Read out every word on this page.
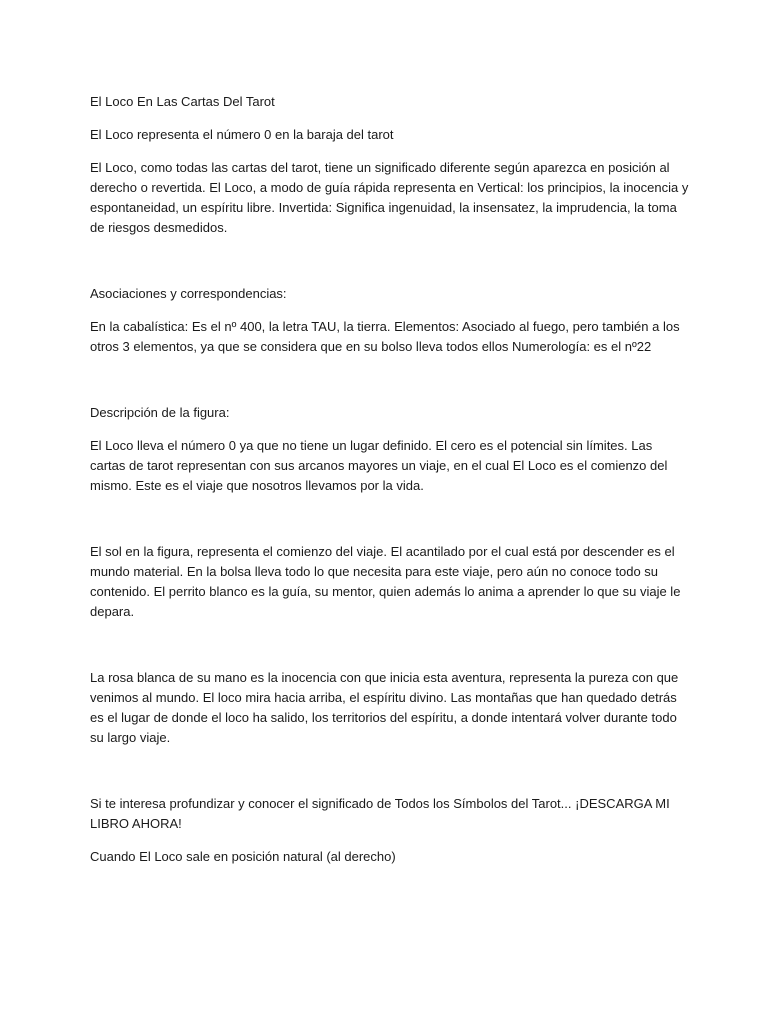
El Loco En Las Cartas Del Tarot

El Loco representa el número 0 en la baraja del tarot

El Loco, como todas las cartas del tarot, tiene un significado diferente según aparezca en posición al derecho o revertida. El Loco, a modo de guía rápida representa en Vertical: los principios, la inocencia y espontaneidad, un espíritu libre. Invertida: Significa ingenuidad, la insensatez, la imprudencia, la toma de riesgos desmedidos.

Asociaciones y correspondencias:

En la cabalística: Es el nº 400, la letra TAU, la tierra. Elementos: Asociado al fuego, pero también a los otros 3 elementos, ya que se considera que en su bolso lleva todos ellos Numerología: es el nº22

Descripción de la figura:

El Loco lleva el número 0 ya que no tiene un lugar definido. El cero es el potencial sin límites. Las cartas de tarot representan con sus arcanos mayores un viaje, en el cual El Loco es el comienzo del mismo. Este es el viaje que nosotros llevamos por la vida.

El sol en la figura, representa el comienzo del viaje. El acantilado por el cual está por descender es el mundo material. En la bolsa lleva todo lo que necesita para este viaje, pero aún no conoce todo su contenido. El perrito blanco es la guía, su mentor, quien además lo anima a aprender lo que su viaje le depara.

La rosa blanca de su mano es la inocencia con que inicia esta aventura, representa la pureza con que venimos al mundo. El loco mira hacia arriba, el espíritu divino. Las montañas que han quedado detrás es el lugar de donde el loco ha salido, los territorios del espíritu, a donde intentará volver durante todo su largo viaje.

Si te interesa profundizar y conocer el significado de Todos los Símbolos del Tarot... ¡DESCARGA MI LIBRO AHORA!

Cuando El Loco sale en posición natural (al derecho)
